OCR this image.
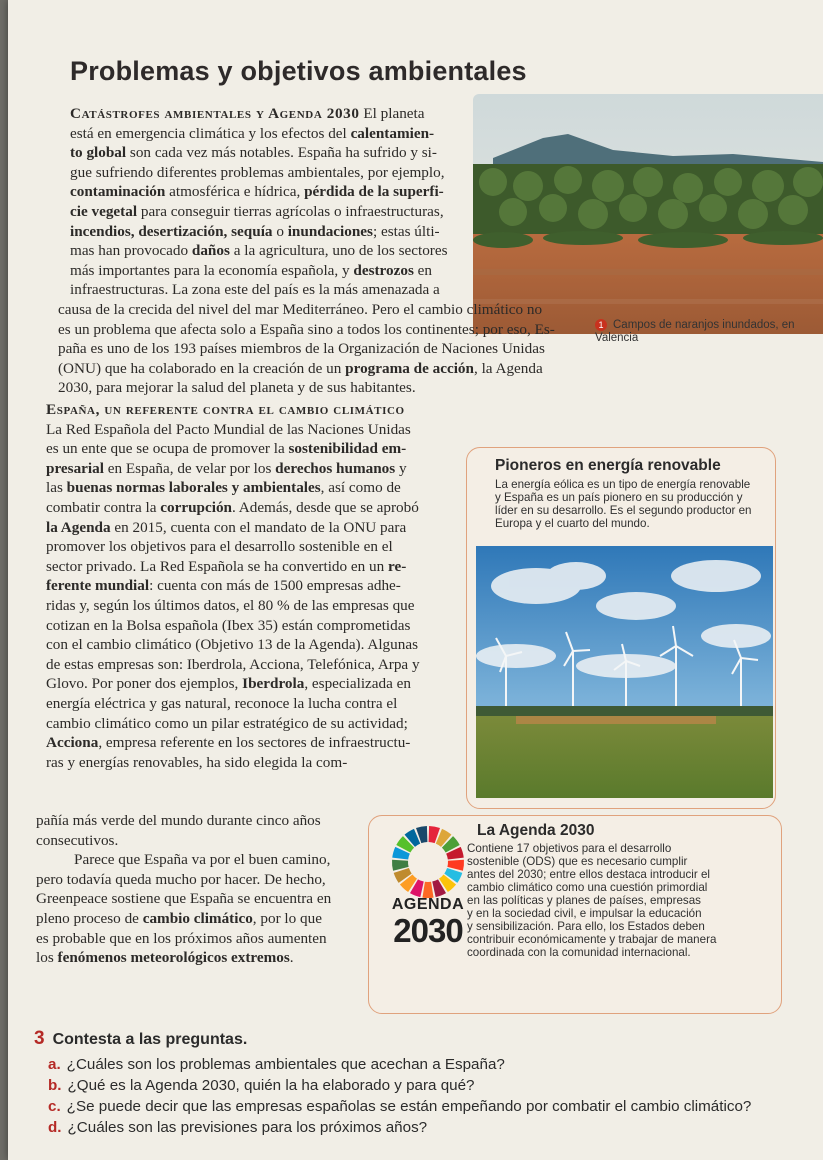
Problemas y objetivos ambientales

Catástrofes ambientales y Agenda 2030 El planeta
está en emergencia climática y los efectos del calentamien-
to global son cada vez más notables. España ha sufrido y si-
gue sufriendo diferentes problemas ambientales, por ejemplo,
contaminación atmosférica e hídrica, pérdida de la superfi-
cie vegetal para conseguir tierras agrícolas o infraestructuras,
incendios, desertización, sequía o inundaciones; estas últi-
mas han provocado daños a la agricultura, uno de los sectores
más importantes para la economía española, y destrozos en
infraestructuras. La zona este del país es la más amenazada a

causa de la crecida del nivel del mar Mediterráneo. Pero el cambio climático no
es un problema que afecta solo a España sino a todos los continentes; por eso, Es-
paña es uno de los 193 países miembros de la Organización de Naciones Unidas
(ONU) que ha colaborado en la creación de un programa de acción, la Agenda
2030, para mejorar la salud del planeta y de sus habitantes.

1 Campos de naranjos inundados, en Valencia

España, un referente contra el cambio climático
La Red Española del Pacto Mundial de las Naciones Unidas
es un ente que se ocupa de promover la sostenibilidad em-
presarial en España, de velar por los derechos humanos y
las buenas normas laborales y ambientales, así como de
combatir contra la corrupción. Además, desde que se aprobó
la Agenda en 2015, cuenta con el mandato de la ONU para
promover los objetivos para el desarrollo sostenible en el
sector privado. La Red Española se ha convertido en un re-
ferente mundial: cuenta con más de 1500 empresas adhe-
ridas y, según los últimos datos, el 80 % de las empresas que
cotizan en la Bolsa española (Ibex 35) están comprometidas
con el cambio climático (Objetivo 13 de la Agenda). Algunas
de estas empresas son: Iberdrola, Acciona, Telefónica, Arpa y
Glovo. Por poner dos ejemplos, Iberdrola, especializada en
energía eléctrica y gas natural, reconoce la lucha contra el
cambio climático como un pilar estratégico de su actividad;
Acciona, empresa referente en los sectores de infraestructu-
ras y energías renovables, ha sido elegida la com-

pañía más verde del mundo durante cinco años
consecutivos.
Parece que España va por el buen camino,
pero todavía queda mucho por hacer. De hecho,
Greenpeace sostiene que España se encuentra en
pleno proceso de cambio climático, por lo que
es probable que en los próximos años aumenten
los fenómenos meteorológicos extremos.

Pioneros en energía renovable

La energía eólica es un tipo de energía renovable
y España es un país pionero en su producción y
líder en su desarrollo. Es el segundo productor en
Europa y el cuarto del mundo.

AGENDA
2030
La Agenda 2030

Contiene 17 objetivos para el desarrollo
sostenible (ODS) que es necesario cumplir
antes del 2030; entre ellos destaca introducir el
cambio climático como una cuestión primordial
en las políticas y planes de países, empresas
y en la sociedad civil, e impulsar la educación
y sensibilización. Para ello, los Estados deben
contribuir económicamente y trabajar de manera
coordinada con la comunidad internacional.

3 Contesta a las preguntas.
a. ¿Cuáles son los problemas ambientales que acechan a España?
b. ¿Qué es la Agenda 2030, quién la ha elaborado y para qué?
c. ¿Se puede decir que las empresas españolas se están empeñando por combatir el cambio climático?
d. ¿Cuáles son las previsiones para los próximos años?
